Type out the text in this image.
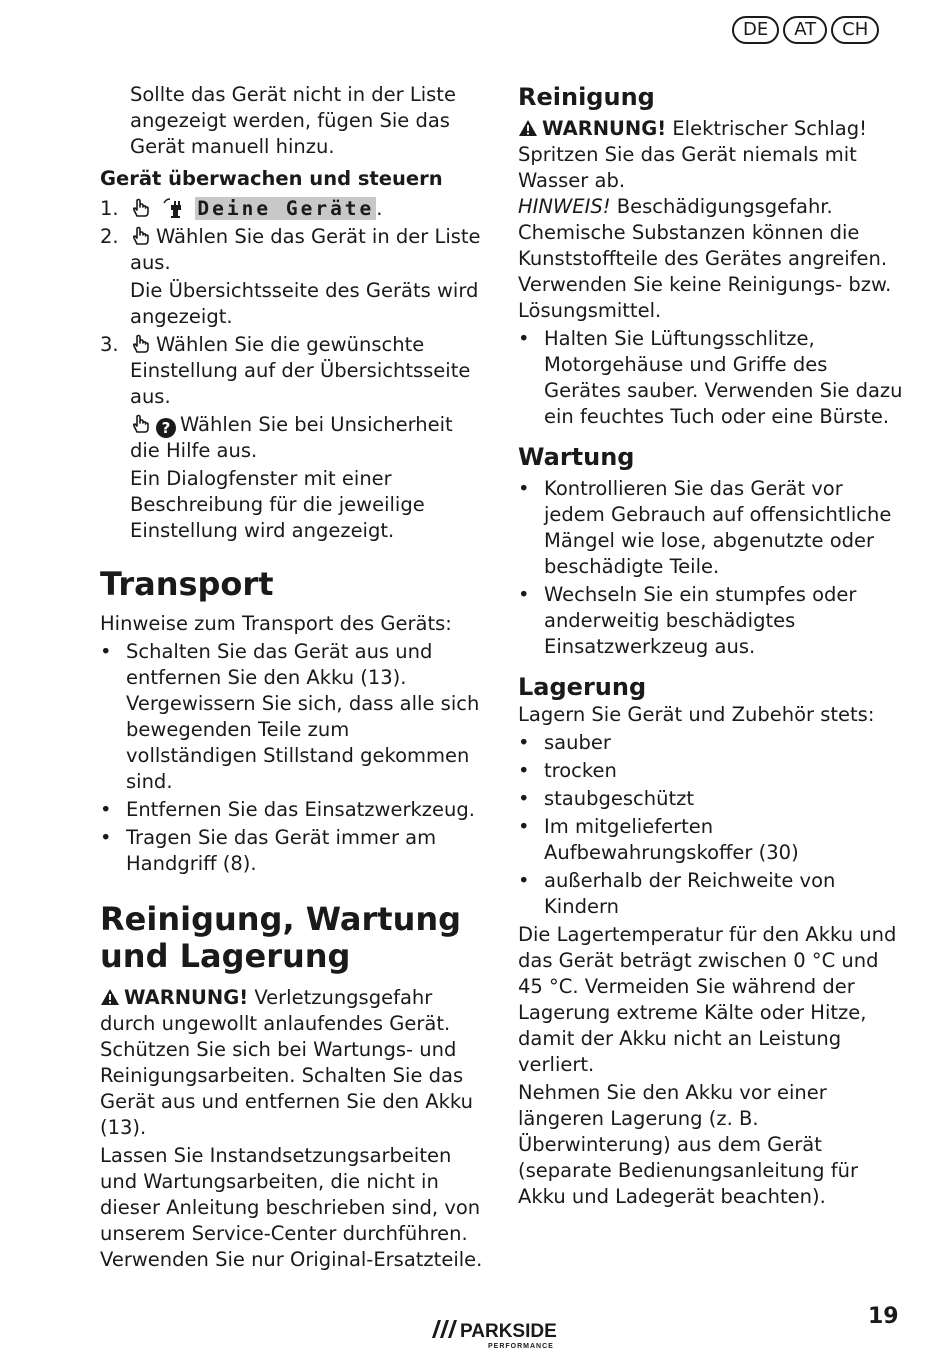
DE	AT	CH

Sollte das Gerät nicht in der Liste angezeigt werden, fügen Sie das Gerät manuell hinzu.

Gerät überwachen und steuern

1.	Deine Geräte .
2.	Wählen Sie das Gerät in der Liste aus.

Die Übersichtsseite des Geräts wird angezeigt.

3.	Wählen Sie die gewünschte Einstellung auf der Übersichtsseite aus.

? Wählen Sie bei Unsicherheit die Hilfe aus.

Ein Dialogfenster mit einer Beschreibung für die jeweilige Einstellung wird angezeigt.

Transport

Hinweise zum Transport des Geräts:

• Schalten Sie das Gerät aus und entfernen Sie den Akku (13). Vergewissern Sie sich, dass alle sich bewegenden Teile zum vollständigen Stillstand gekommen sind.
• Entfernen Sie das Einsatzwerkzeug.
• Tragen Sie das Gerät immer am Handgriff (8).

Reinigung, Wartung und Lagerung

WARNUNG! Verletzungsgefahr durch ungewollt anlaufendes Gerät. Schützen Sie sich bei Wartungs- und Reinigungsarbeiten. Schalten Sie das Gerät aus und entfernen Sie den Akku (13).

Lassen Sie Instandsetzungsarbeiten und Wartungsarbeiten, die nicht in dieser Anleitung beschrieben sind, von unserem Service-Center durchführen. Verwenden Sie nur Original-Ersatzteile.

Reinigung

WARNUNG! Elektrischer Schlag! Spritzen Sie das Gerät niemals mit Wasser ab.

HINWEIS! Beschädigungsgefahr. Chemische Substanzen können die Kunststoffteile des Gerätes angreifen. Verwenden Sie keine Reinigungs- bzw. Lösungsmittel.

• Halten Sie Lüftungsschlitze, Motorgehäuse und Griffe des Gerätes sauber. Verwenden Sie dazu ein feuchtes Tuch oder eine Bürste.

Wartung

• Kontrollieren Sie das Gerät vor jedem Gebrauch auf offensichtliche Mängel wie lose, abgenutzte oder beschädigte Teile.
• Wechseln Sie ein stumpfes oder anderweitig beschädigtes Einsatzwerkzeug aus.

Lagerung

Lagern Sie Gerät und Zubehör stets:

• sauber
• trocken
• staubgeschützt
• Im mitgelieferten Aufbewahrungskoffer (30)
• außerhalb der Reichweite von Kindern

Die Lagertemperatur für den Akku und das Gerät beträgt zwischen 0 °C und 45 °C. Vermeiden Sie während der Lagerung extreme Kälte oder Hitze, damit der Akku nicht an Leistung verliert.

Nehmen Sie den Akku vor einer längeren Lagerung (z. B. Überwinterung) aus dem Gerät (separate Bedienungsanleitung für Akku und Ladegerät beachten).

PARKSIDE
PERFORMANCE
19
